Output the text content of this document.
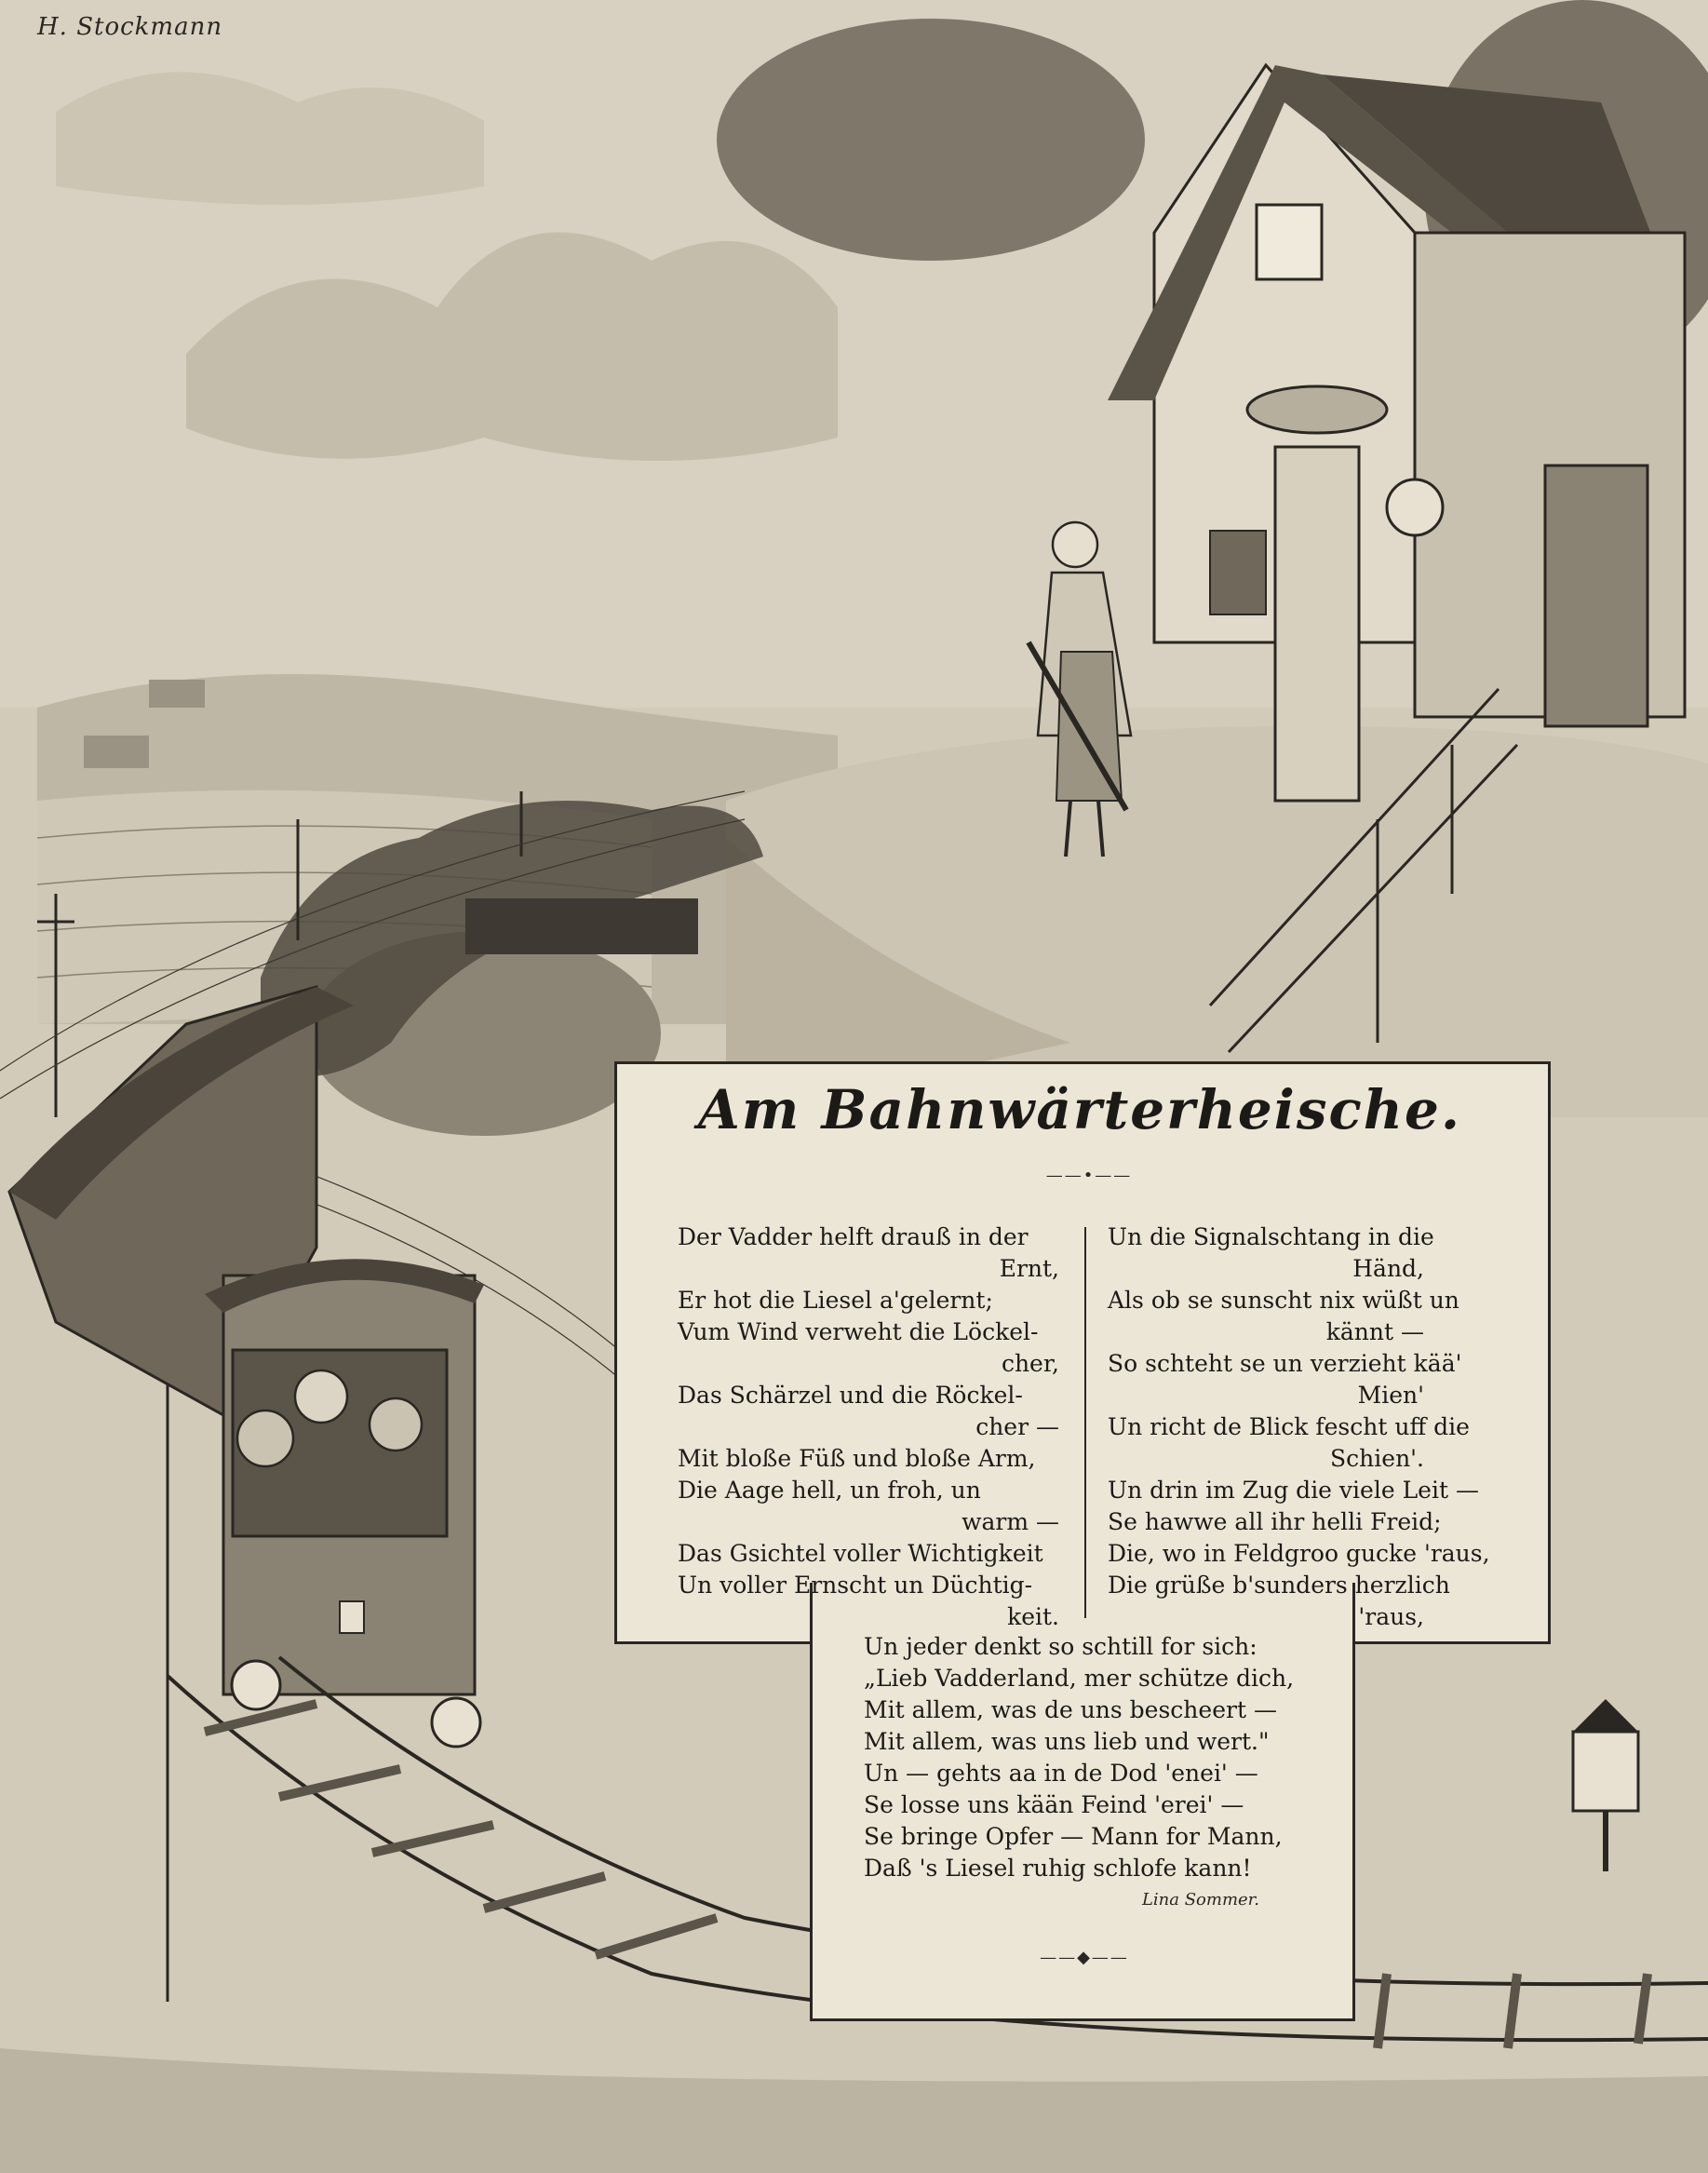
H. Stockmann
Am Bahnwärterheische.
——•——
Der Vadder helft drauß in der
Ernt,
Er hot die Liesel a'gelernt;
Vum Wind verweht die Löckel-
cher,
Das Schärzel und die Röckel-
cher —
Mit bloße Füß und bloße Arm,
Die Aage hell, un froh, un
warm —
Das Gsichtel voller Wichtigkeit
Un voller Ernscht un Düchtig-
keit.
Un die Signalschtang in die
Händ,
Als ob se sunscht nix wüßt un
kännt —
So schteht se un verzieht kää'
Mien'
Un richt de Blick fescht uff die
Schien'.
Un drin im Zug die viele Leit —
Se hawwe all ihr helli Freid;
Die, wo in Feldgroo gucke 'raus,
Die grüße b'sunders herzlich
'raus,
Un jeder denkt so schtill for sich:
„Lieb Vadderland, mer schütze dich,
Mit allem, was de uns bescheert —
Mit allem, was uns lieb und wert."
Un — gehts aa in de Dod 'enei' —
Se losse uns kään Feind 'erei' —
Se bringe Opfer — Mann for Mann,
Daß 's Liesel ruhig schlofe kann!
Lina Sommer.
——◆——
